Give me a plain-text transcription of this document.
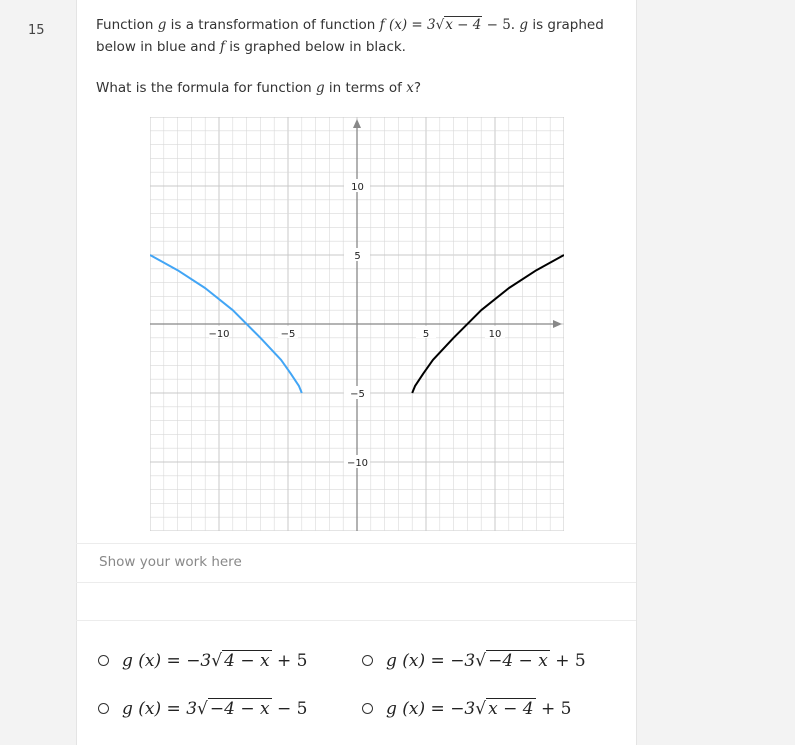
15	Function g is a transformation of function f (x) = 3√x − 4 − 5. g is graphed
below in blue and f is graphed below in black.
What is the formula for function g in terms of x?
−10	−5	5	10
10
5
−5
−10
Show your work here
g (x) = −3√ 4 − x + 5	g (x) = −3√ −4 − x + 5
g (x) = 3√ −4 − x − 5	g (x) = −3√ x − 4 + 5
